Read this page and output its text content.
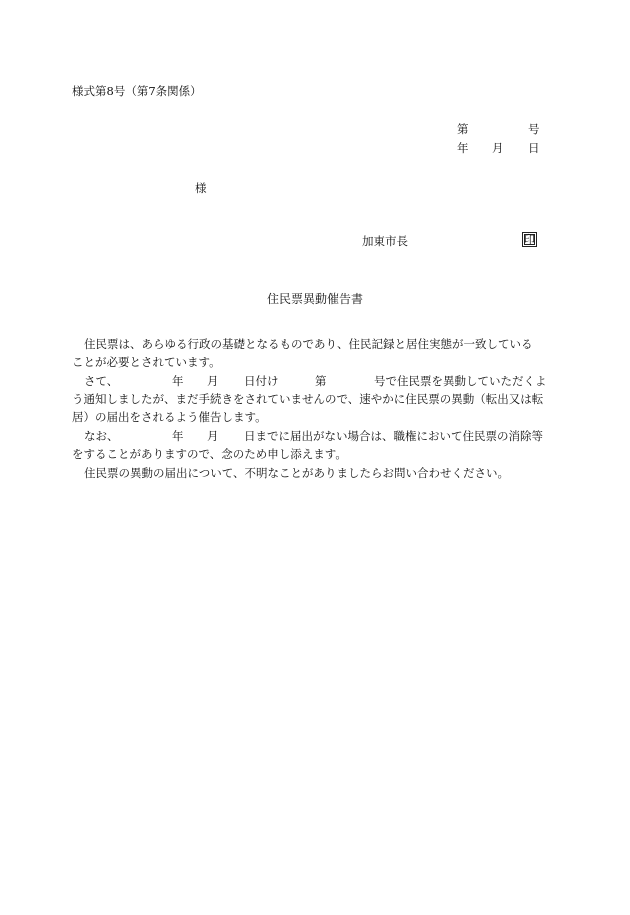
様式第8号（第7条関係）
第	号
年 月 日
様
加東市長	印
住民票異動催告書
住民票は、あらゆる行政の基礎となるものであり、住民記録と居住実態が一致している
ことが必要とされています。
さて、	年 月 日付け	第	号で住民票を異動していただくよ
う通知しましたが、まだ手続きをされていませんので、速やかに住民票の異動（転出又は転
居）の届出をされるよう催告します。
なお、	年 月 日までに届出がない場合は、職権において住民票の消除等
をすることがありますので、念のため申し添えます。
住民票の異動の届出について、不明なことがありましたらお問い合わせください。
